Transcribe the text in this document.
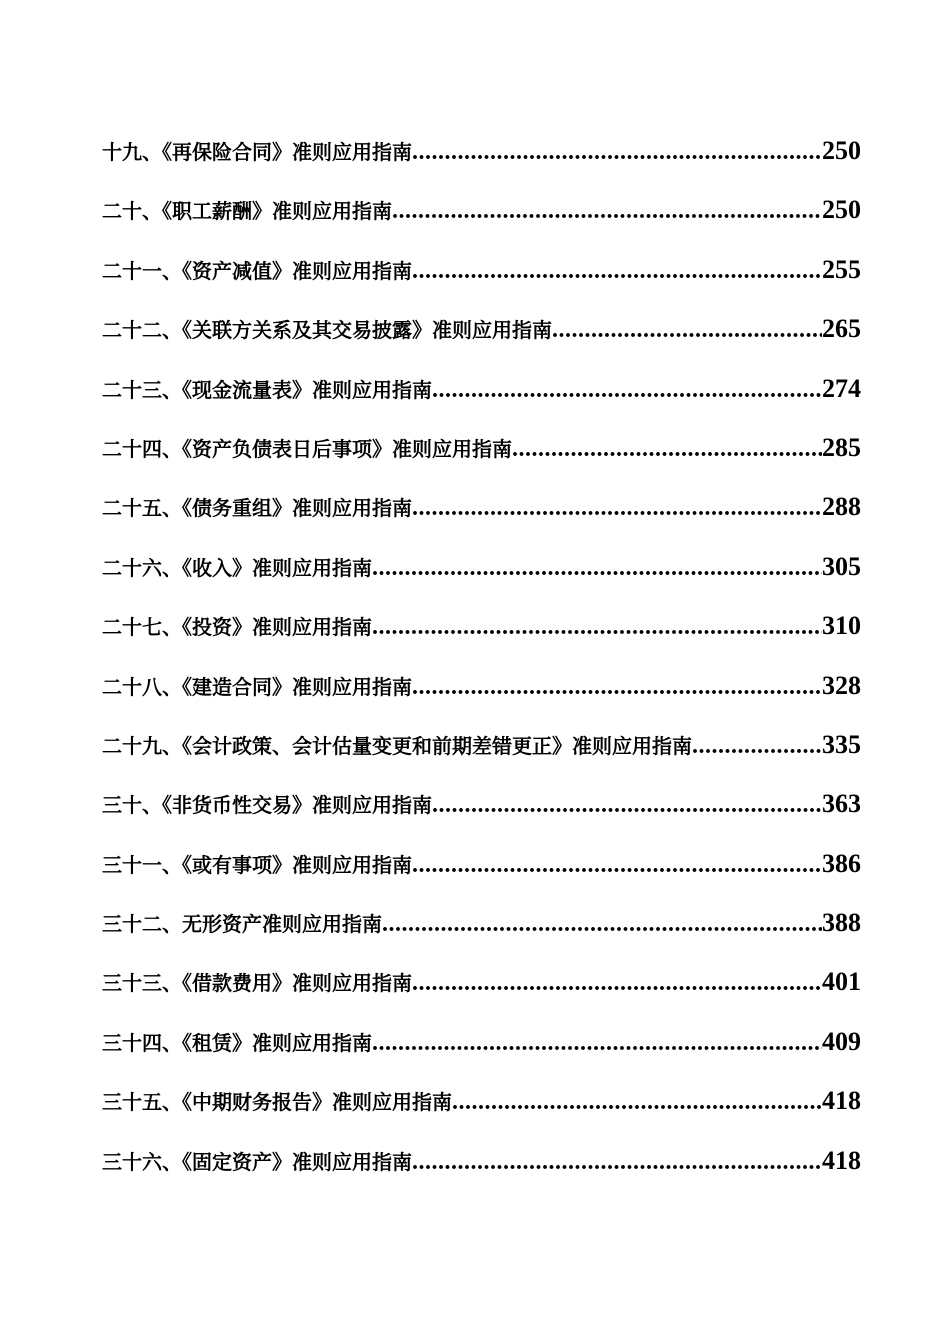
十九、《再保险合同》准则应用指南 .....	250
二十、《职工薪酬》准则应用指南 .....	250
二十一、《资产减值》准则应用指南 .....	255
二十二、《关联方关系及其交易披露》准则应用指南 .....	265
二十三、《现金流量表》准则应用指南 .....	274
二十四、《资产负债表日后事项》准则应用指南 .....	285
二十五、《债务重组》准则应用指南 .....	288
二十六、《收入》准则应用指南 .....	305
二十七、《投资》准则应用指南 .....	310
二十八、《建造合同》准则应用指南 .....	328
二十九、《会计政策、会计估量变更和前期差错更正》准则应用指南 .....	335
三十、《非货币性交易》准则应用指南 .....	363
三十一、《或有事项》准则应用指南 .....	386
三十二、无形资产准则应用指南 .....	388
三十三、《借款费用》准则应用指南 .....	401
三十四、《租赁》准则应用指南 .....	409
三十五、《中期财务报告》准则应用指南 .....	418
三十六、《固定资产》准则应用指南 .....	418
